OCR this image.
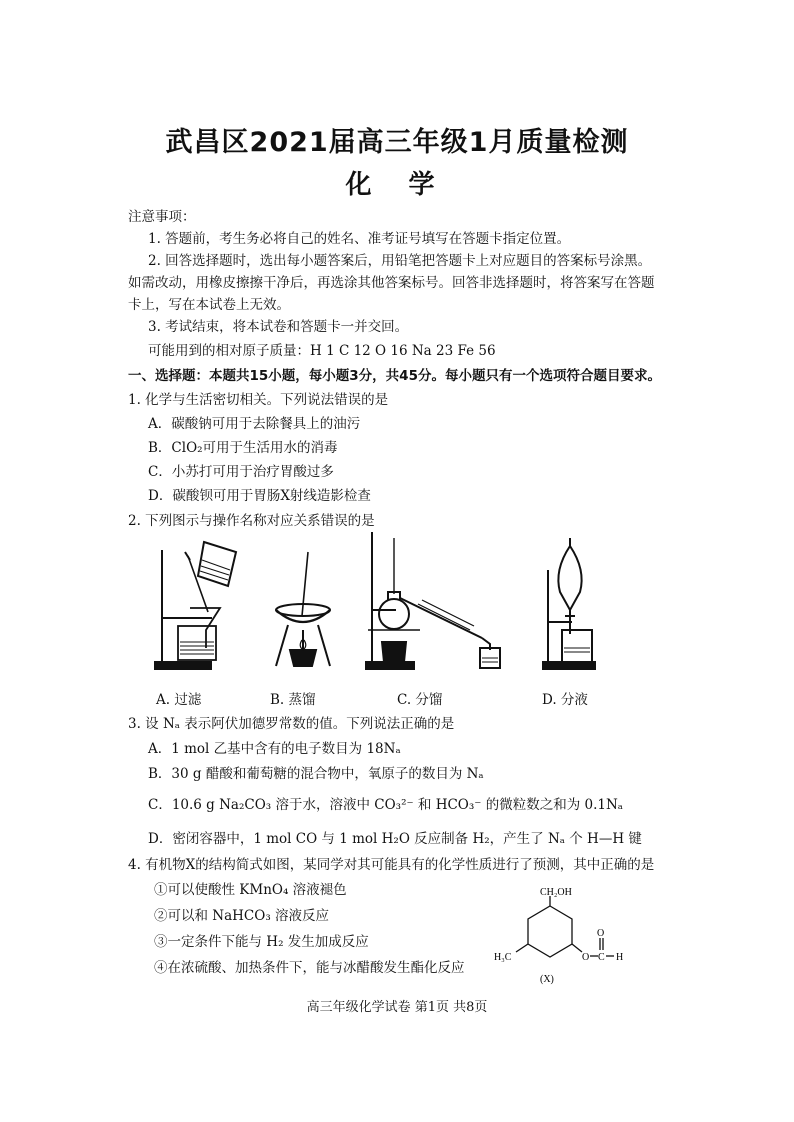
武昌区2021届高三年级1月质量检测
化 学
注意事项：
1. 答题前，考生务必将自己的姓名、准考证号填写在答题卡指定位置。
2. 回答选择题时，选出每小题答案后，用铅笔把答题卡上对应题目的答案标号涂黑。
如需改动，用橡皮擦擦干净后，再选涂其他答案标号。回答非选择题时，将答案写在答题
卡上，写在本试卷上无效。
3. 考试结束，将本试卷和答题卡一并交回。
可能用到的相对原子质量：H 1 C 12 O 16 Na 23 Fe 56
一、选择题：本题共15小题，每小题3分，共45分。每小题只有一个选项符合题目要求。
1. 化学与生活密切相关。下列说法错误的是
A．碳酸钠可用于去除餐具上的油污
B．ClO₂可用于生活用水的消毒
C．小苏打可用于治疗胃酸过多
D．碳酸钡可用于胃肠X射线造影检查
2. 下列图示与操作名称对应关系错误的是
A. 过滤	B. 蒸馏	C. 分馏	D. 分液
3. 设 Nₐ 表示阿伏加德罗常数的值。下列说法正确的是
A．1 mol 乙基中含有的电子数目为 18Nₐ
B．30 g 醋酸和葡萄糖的混合物中，氧原子的数目为 Nₐ
C．10.6 g Na₂CO₃ 溶于水，溶液中 CO₃²⁻ 和 HCO₃⁻ 的微粒数之和为 0.1Nₐ
D．密闭容器中，1 mol CO 与 1 mol H₂O 反应制备 H₂，产生了 Nₐ 个 H—H 键
4. 有机物X的结构简式如图，某同学对其可能具有的化学性质进行了预测，其中正确的是
①可以使酸性 KMnO₄ 溶液褪色
②可以和 NaHCO₃ 溶液反应
③一定条件下能与 H₂ 发生加成反应
④在浓硫酸、加热条件下，能与冰醋酸发生酯化反应
CH₂OH
H₃C	O C H
O
(X)
高三年级化学试卷 第1页 共8页
